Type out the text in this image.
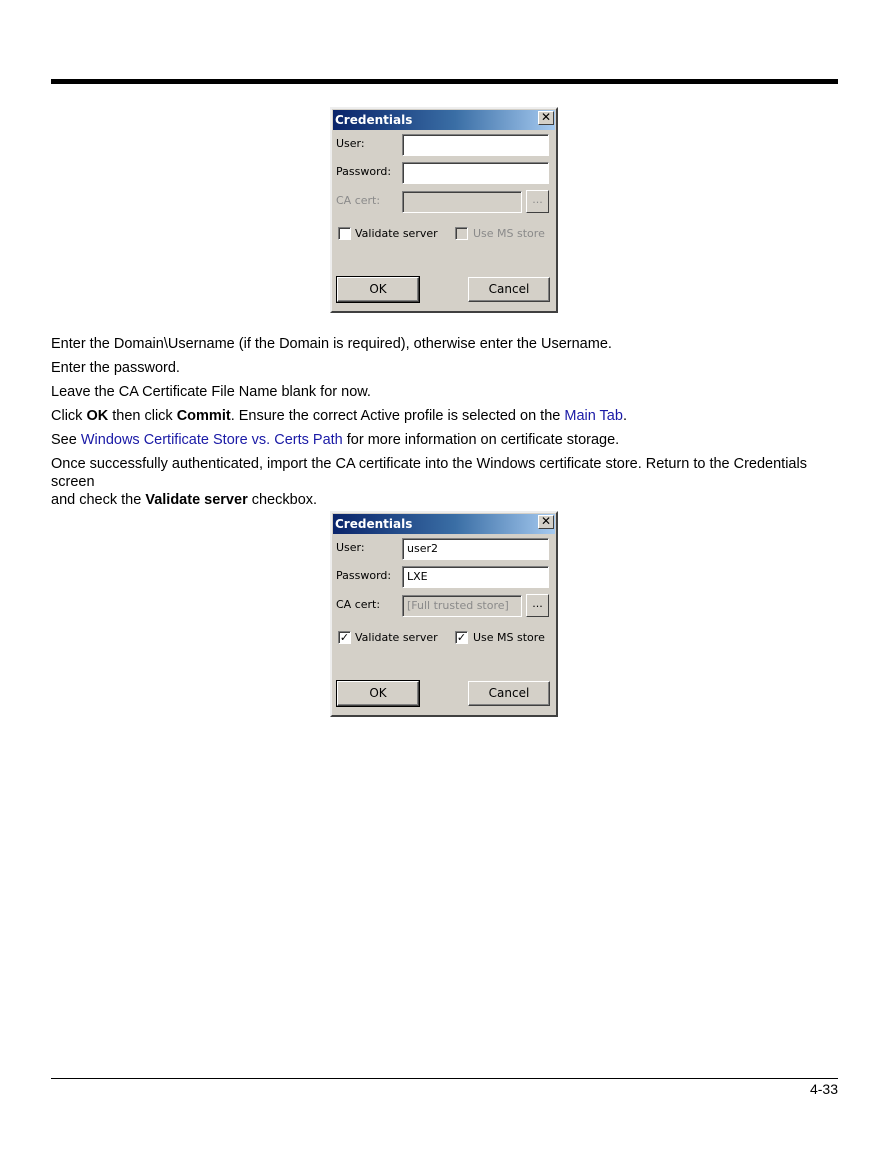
Credentials	✕
User:
Password:
CA cert:	...
Validate server	Use MS store
OK	Cancel
Enter the Domain\Username (if the Domain is required), otherwise enter the Username.
Enter the password.
Leave the CA Certificate File Name blank for now.
Click OK then click Commit. Ensure the correct Active profile is selected on the Main Tab.
See Windows Certificate Store vs. Certs Path for more information on certificate storage.
Once successfully authenticated, import the CA certificate into the Windows certificate store. Return to the Credentials screen
and check the Validate server checkbox.
Credentials	✕
User:	user2
Password:	LXE
CA cert:	[Full trusted store]	...
✓ Validate server ✓ Use MS store
OK	Cancel
4-33
